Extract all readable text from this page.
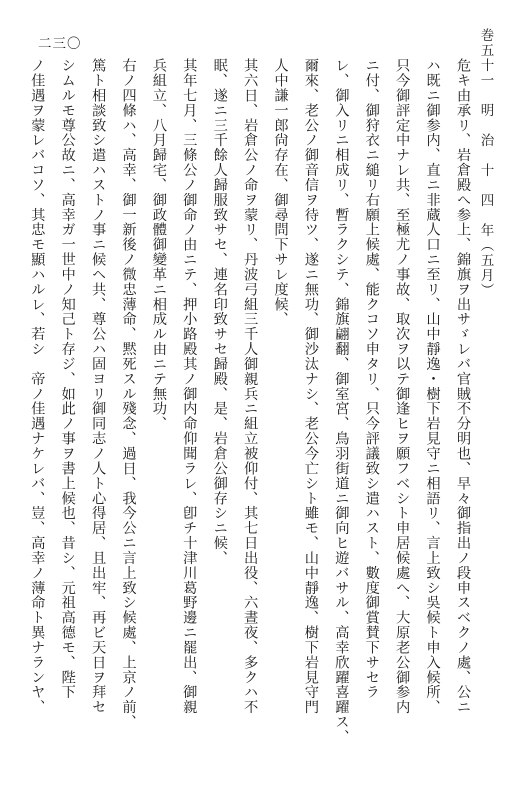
巻五十一　明　治　十　四　年（五月）
二三〇
危キ由承リ、岩倉殿へ参上、錦旗ヲ出サゞレバ官賊不分明也、早々御指出ノ段申スベクノ處、公ニ
ハ既ニ御参内、直ニ非蔵人口ニ至リ、山中靜逸・樹下岩見守ニ相語リ、言上致シ吳候ト申入候所、
只今御評定中ナレ共、至極尤ノ事故、取次ヲ以テ御逢ヒヲ願フベシト申居候處へ、大原老公御参内
ニ付、御狩衣ニ縋リ右願上候處、能クコソ申タリ、只今評議致シ遣ハスト、數度御賞賛下サセラ
レ、御入リニ相成リ、暫ラクシテ、錦旗翩翻、御室宮、鳥羽街道ニ御向ヒ遊バサル、高幸欣躍喜躍ス、
爾來、老公ノ御音信ヲ待ツ、遂ニ無功、御沙汰ナシ、老公今亡シト雖モ、山中靜逸、樹下岩見守門
人中謙一郎尙存在、御尋問下サレ度候、
其六日、岩倉公ノ命ヲ蒙リ、丹波弓組三千人御親兵ニ組立被仰付、其七日出役、六晝夜、多クハ不
眠、遂ニ三千餘人歸服致サセ、連名印致サセ歸殿、是、岩倉公御存シニ候、
其年七月、三條公ノ御命ノ由ニテ、押小路殿其ノ御内命仰聞ラレ、卽チ十津川葛野邊ニ罷出、御親
兵組立、八月歸宅、御政體御變革ニ相成ル由ニテ無功、
右ノ四條ハ、高幸、御一新後ノ微忠薄命、黙死スル殘念、過日、我今公ニ言上致シ候處、上京ノ前、
篤ト相談致シ遣ハストノ事ニ候ヘ共、尊公ハ固ヨリ御同志ノ人ト心得居、且出牢、再ビ天日ヲ拜セ
シムルモ尊公故ニ、高幸ガ一世中ノ知己ト存ジ、如此ノ事ヲ書上候也、昔シ、元祖高德モ、陛下
ノ佳遇ヲ蒙レバコソ、其忠モ顯ハルレ、若シ　帝ノ佳遇ナケレバ、豈、高幸ノ薄命ト異ナランヤ、
